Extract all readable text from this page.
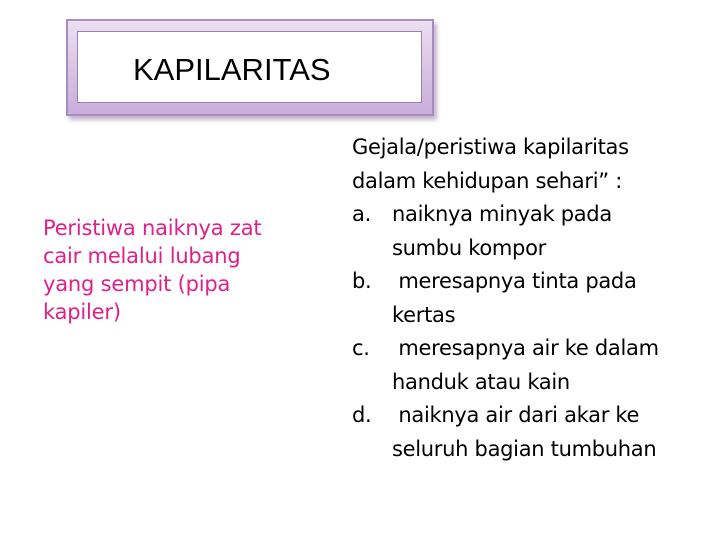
KAPILARITAS
Peristiwa naiknya zat
cair melalui lubang
yang sempit (pipa
kapiler)
Gejala/peristiwa kapilaritas
dalam kehidupan sehari” :
a. naiknya minyak pada
sumbu kompor
b. meresapnya tinta pada
kertas
c. meresapnya air ke dalam
handuk atau kain
d. naiknya air dari akar ke
seluruh bagian tumbuhan
